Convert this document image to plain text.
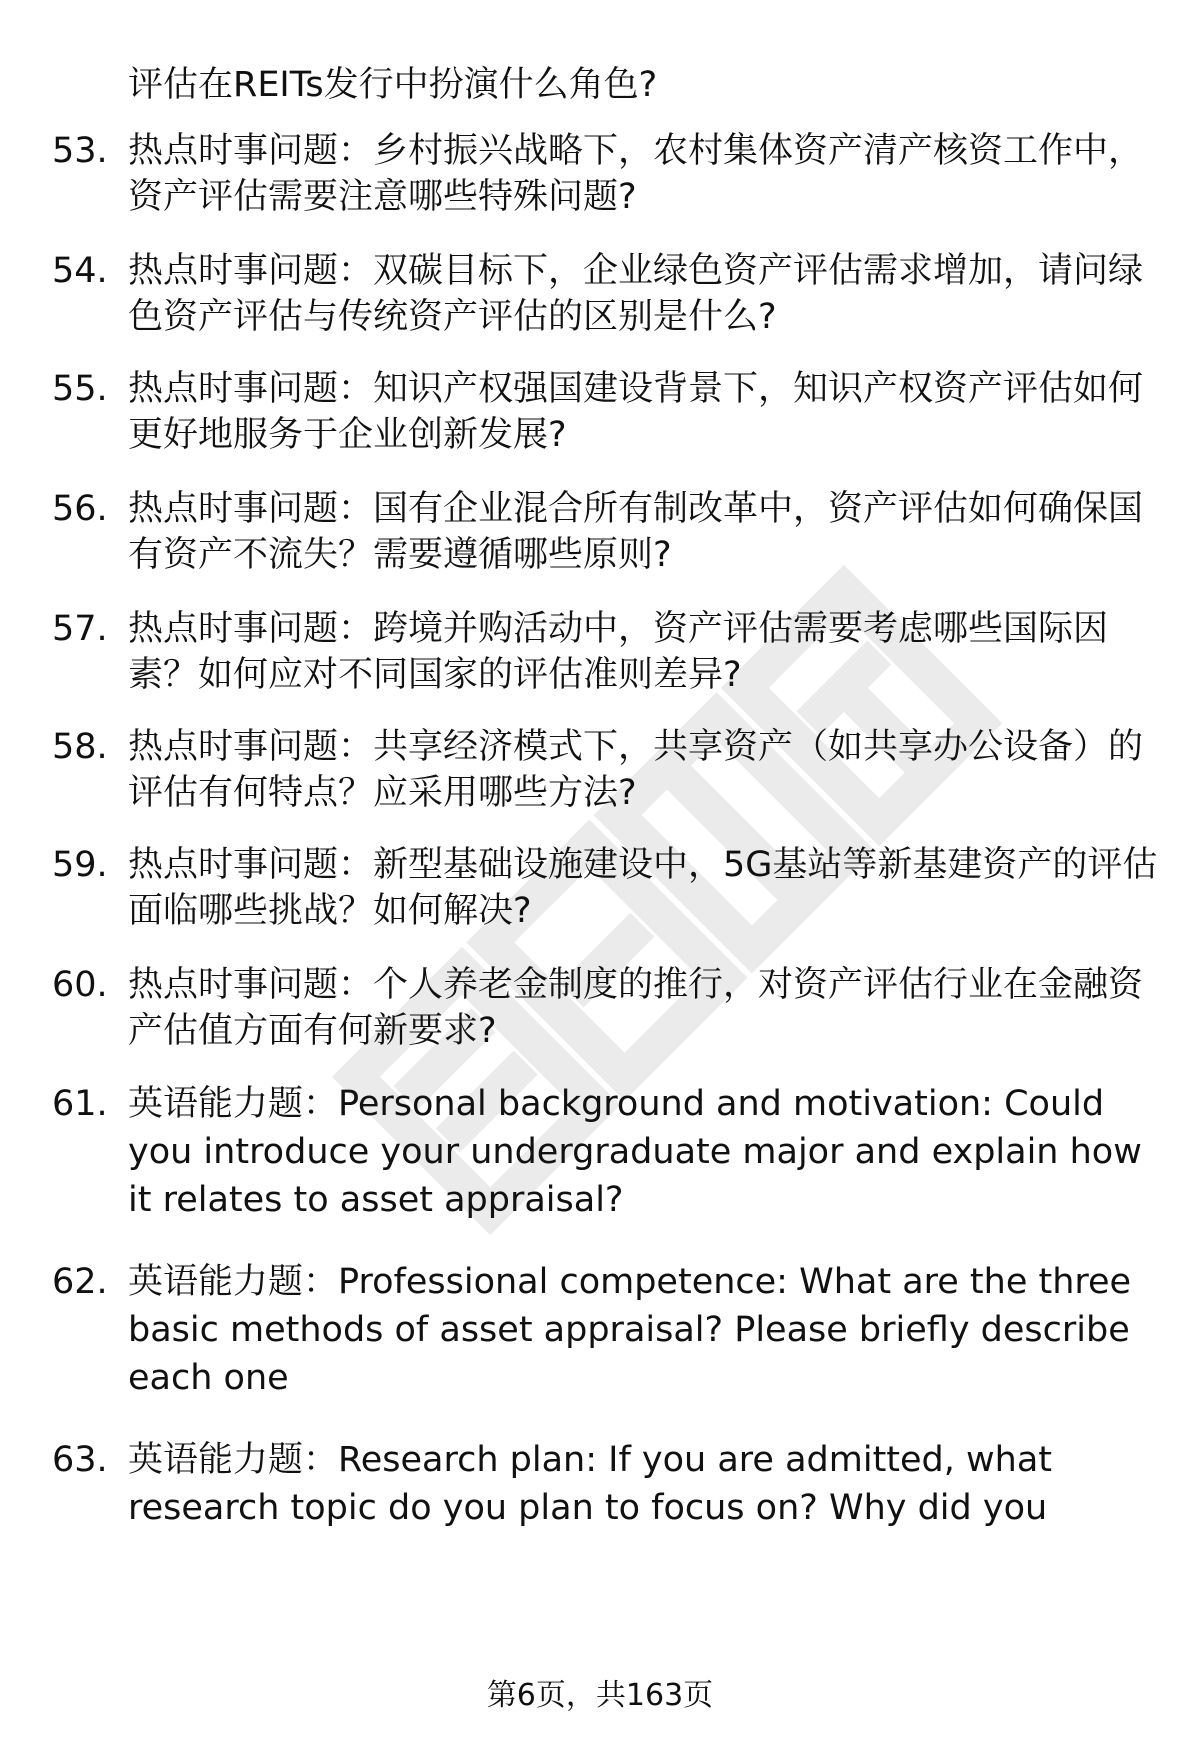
评估在REITs发行中扮演什么角色?
53. 热点时事问题：乡村振兴战略下，农村集体资产清产核资工作中，资产评估需要注意哪些特殊问题?
54. 热点时事问题：双碳目标下，企业绿色资产评估需求增加，请问绿色资产评估与传统资产评估的区别是什么?
55. 热点时事问题：知识产权强国建设背景下，知识产权资产评估如何更好地服务于企业创新发展?
56. 热点时事问题：国有企业混合所有制改革中，资产评估如何确保国有资产不流失？需要遵循哪些原则?
57. 热点时事问题：跨境并购活动中，资产评估需要考虑哪些国际因素？如何应对不同国家的评估准则差异?
58. 热点时事问题：共享经济模式下，共享资产（如共享办公设备）的评估有何特点？应采用哪些方法?
59. 热点时事问题：新型基础设施建设中，5G基站等新基建资产的评估面临哪些挑战？如何解决?
60. 热点时事问题：个人养老金制度的推行，对资产评估行业在金融资产估值方面有何新要求?
61. 英语能力题：Personal background and motivation: Could you introduce your undergraduate major and explain how it relates to asset appraisal?
62. 英语能力题：Professional competence: What are the three basic methods of asset appraisal? Please briefly describe each one
63. 英语能力题：Research plan: If you are admitted, what research topic do you plan to focus on? Why did you
第6页，共163页
